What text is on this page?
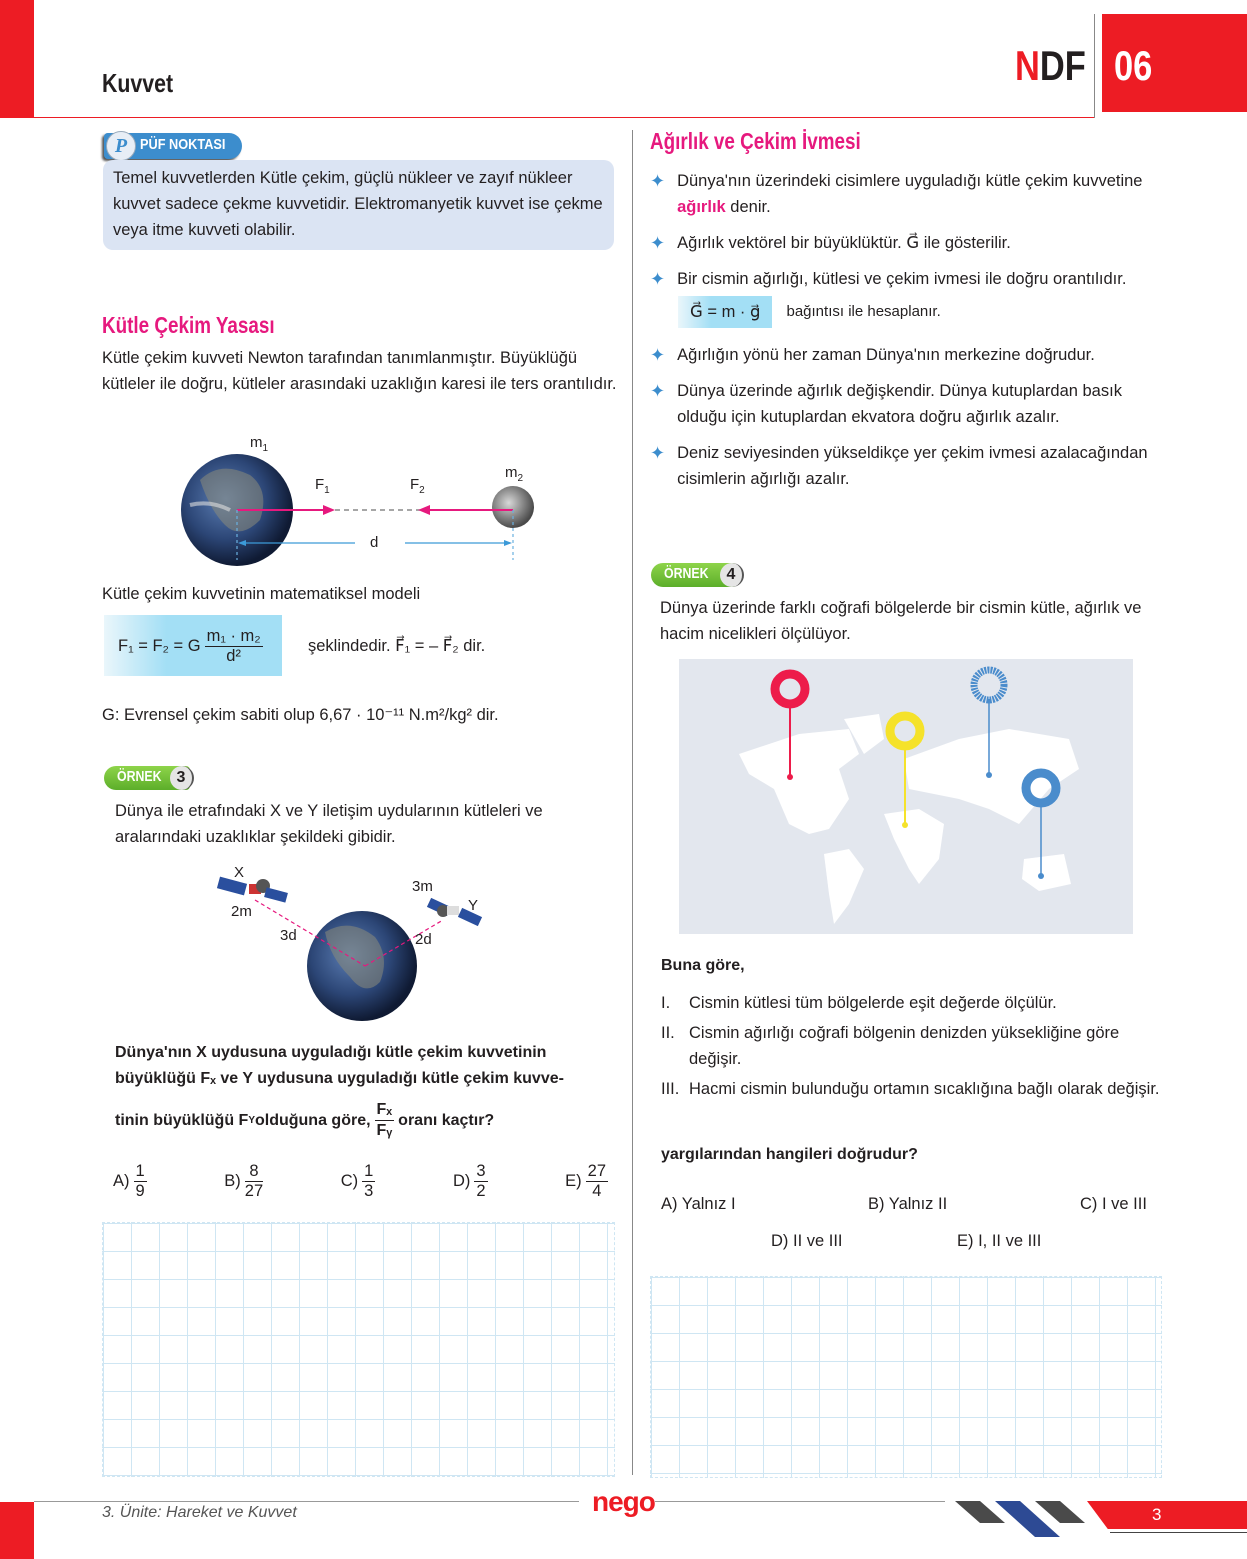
Kuvvet	NDF 06
P PÜF NOKTASI
Temel kuvvetlerden Kütle çekim, güçlü nükleer ve zayıf nükleer kuvvet sadece çekme kuvvetidir. Elektromanyetik kuvvet ise çekme veya itme kuvveti olabilir.
Kütle Çekim Yasası
Kütle çekim kuvveti Newton tarafından tanımlanmıştır. Büyüklüğü kütleler ile doğru, kütleler arasındaki uzaklığın karesi ile ters orantılıdır.
$m_1$
$m_2$
$F_1$	$F_2$
d
Kütle çekim kuvvetinin matematiksel modeli
F₁ = F₂ = G $\frac{\text{m₁ · m₂}}{\text{d²}}$	şeklindedir. F⃗₁ = – F⃗₂ dir.
G: Evrensel çekim sabiti olup 6,67 · 10⁻¹¹ N.m²/kg² dir.
ÖRNEK 3
Dünya ile etrafındaki X ve Y iletişim uydularının kütleleri ve aralarındaki uzaklıklar şekildeki gibidir.
X
2m
3d
3m
Y
2d
Dünya'nın X uydusuna uyguladığı kütle çekim kuvvetinin
büyüklüğü Fₓ ve Y uydusuna uyguladığı kütle çekim kuvve-
tinin büyüklüğü F Y olduğuna göre, $\frac{\text{Fₓ}}{\text{Fᵧ}}$ oranı kaçtır?
$A) \frac{1}{9}$	$B) \frac{8}{27}$	$C) \frac{1}{3}$	$D) \frac{3}{2}$	$E) \frac{27}{4}$
Ağırlık ve Çekim İvmesi
✦ Dünya'nın üzerindeki cisimlere uyguladığı kütle çekim kuvvetine ağırlık denir.
✦ Ağırlık vektörel bir büyüklüktür. G⃗ ile gösterilir.
✦ Bir cismin ağırlığı, kütlesi ve çekim ivmesi ile doğru orantılıdır.
G⃗ = m · g⃗	bağıntısı ile hesaplanır.
✦ Ağırlığın yönü her zaman Dünya'nın merkezine doğrudur.
✦ Dünya üzerinde ağırlık değişkendir. Dünya kutuplardan basık olduğu için kutuplardan ekvatora doğru ağırlık azalır.
✦ Deniz seviyesinden yükseldikçe yer çekim ivmesi azalacağından cisimlerin ağırlığı azalır.
ÖRNEK	4
Dünya üzerinde farklı coğrafi bölgelerde bir cismin kütle, ağırlık ve hacim nicelikleri ölçülüyor.
Buna göre,
I.	Cismin kütlesi tüm bölgelerde eşit değerde ölçülür.
II. Cismin ağırlığı coğrafi bölgenin denizden yüksekliğine göre değişir.
III. Hacmi cismin bulunduğu ortamın sıcaklığına bağlı olarak değişir.
yargılarından hangileri doğrudur?
A) Yalnız I	B) Yalnız II	C) I ve III
D) II ve III	E) I, II ve III
3. Ünite: Hareket ve Kuvvet	nego	3
